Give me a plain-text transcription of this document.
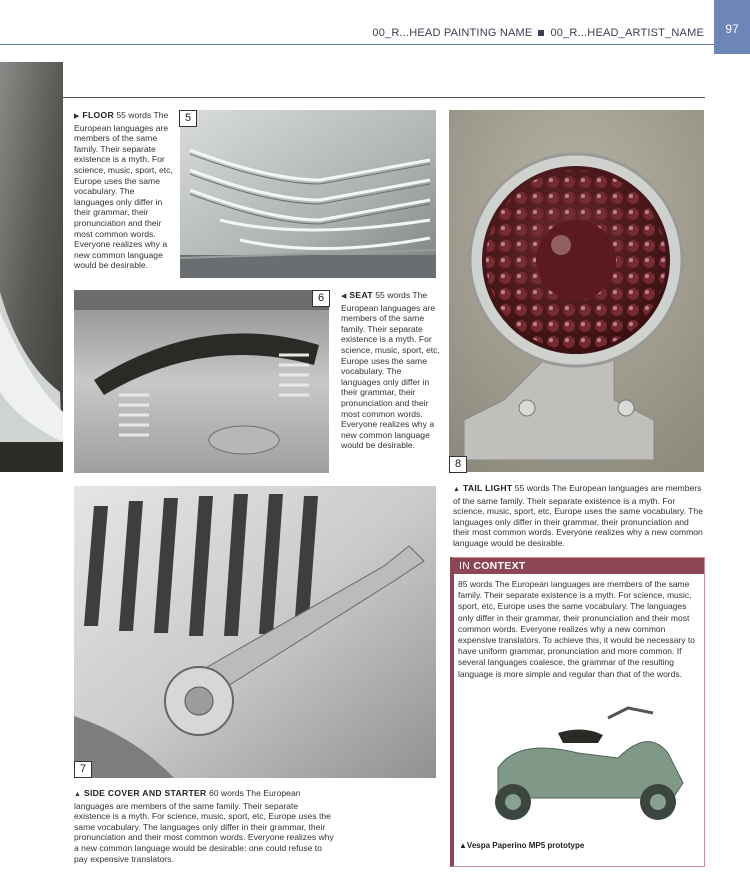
00_R...HEAD PAINTING NAME 00_R...HEAD_ARTIST_NAME	97
5
▶ FLOOR 55 words The European languages are members of the same family. Their separate existence is a myth. For science, music, sport, etc, Europe uses the same vocabulary. The languages only differ in their grammar, their pronunciation and their most common words. Everyone realizes why a new common language would be desirable.
6	◀ SEAT 55 words The European languages are members of the same family. Their separate existence is a myth. For science, music, sport, etc, Europe uses the same vocabulary. The languages only differ in their grammar, their pronunciation and their most common words. Everyone realizes why a new common language would be desirable.
8
▲ TAIL LIGHT 55 words The European languages are members of the same family. Their separate existence is a myth. For science, music, sport, etc, Europe uses the same vocabulary. The languages only differ in their grammar, their pronunciation and their most common words. Everyone realizes why a new common language would be desirable.
7
▲ SIDE COVER AND STARTER 60 words The European languages are members of the same family. Their separate existence is a myth. For science, music, sport, etc, Europe uses the same vocabulary. The languages only differ in their grammar, their pronunciation and their most common words. Everyone realizes why a new common language would be desirable: one could refuse to pay expensive translators.
IN CONTEXT
85 words The European languages are members of the same family. Their separate existence is a myth. For science, music, sport, etc, Europe uses the same vocabulary. The languages only differ in their grammar, their pronunciation and their most common words. Everyone realizes why a new common expensive translators. To achieve this, it would be necessary to have uniform grammar, pronunciation and more common. If several languages coalesce, the grammar of the resulting language is more simple and regular than that of the words.
▲Vespa Paperino MP5 prototype
